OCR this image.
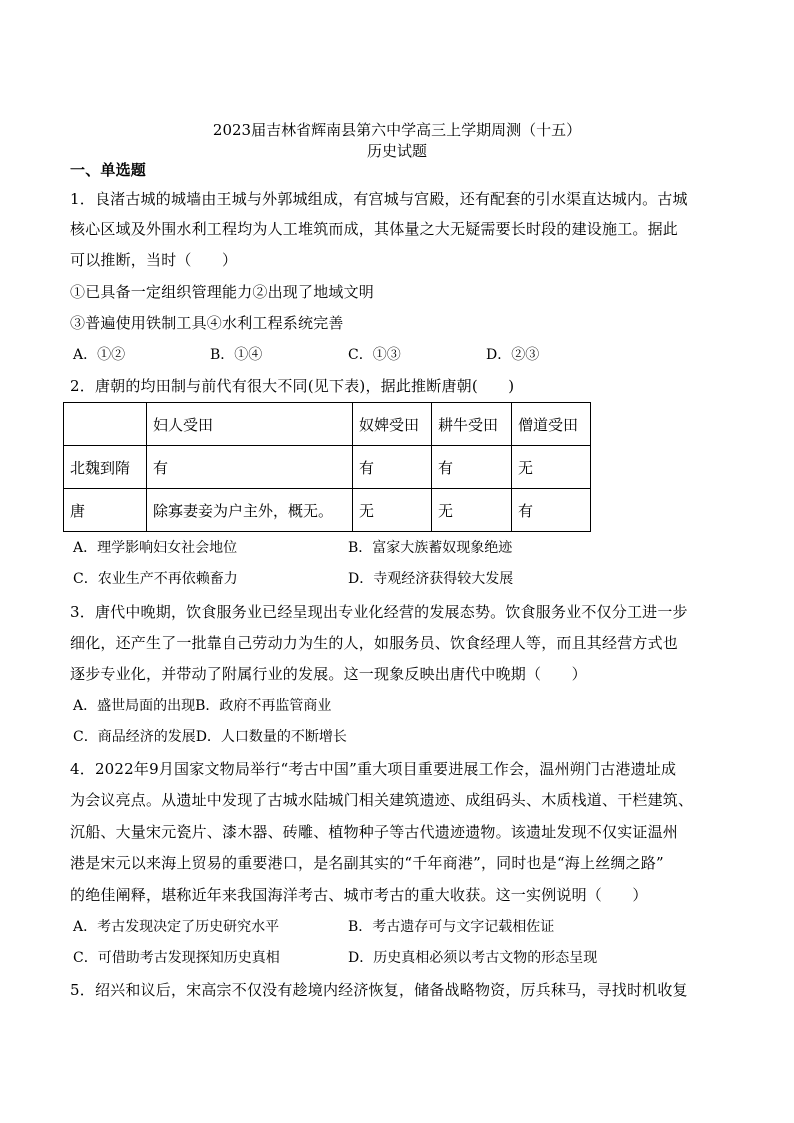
2023届吉林省辉南县第六中学高三上学期周测（十五）
历史试题
一、单选题
1．良渚古城的城墙由王城与外郭城组成，有宫城与宫殿，还有配套的引水渠直达城内。古城
核心区域及外围水利工程均为人工堆筑而成，其体量之大无疑需要长时段的建设施工。据此
可以推断，当时（　　）
①已具备一定组织管理能力②出现了地域文明
③普遍使用铁制工具④水利工程系统完善
A．①②	B．①④	C．①③	D．②③
2．唐朝的均田制与前代有很大不同(见下表)，据此推断唐朝(　　)
	妇人受田	奴婢受田	耕牛受田	僧道受田
北魏到隋	有	有	有	无
唐	除寡妻妾为户主外，概无。	无	无	有
A．理学影响妇女社会地位	B．富家大族蓄奴现象绝迹
C．农业生产不再依赖畜力	D．寺观经济获得较大发展
3．唐代中晚期，饮食服务业已经呈现出专业化经营的发展态势。饮食服务业不仅分工进一步
细化，还产生了一批靠自己劳动力为生的人，如服务员、饮食经理人等，而且其经营方式也
逐步专业化，并带动了附属行业的发展。这一现象反映出唐代中晚期（　　）
A．盛世局面的出现B．政府不再监管商业
C．商品经济的发展D．人口数量的不断增长
4．2022年9月国家文物局举行“考古中国”重大项目重要进展工作会，温州朔门古港遗址成
为会议亮点。从遗址中发现了古城水陆城门相关建筑遗迹、成组码头、木质栈道、干栏建筑、
沉船、大量宋元瓷片、漆木器、砖雕、植物种子等古代遗迹遗物。该遗址发现不仅实证温州
港是宋元以来海上贸易的重要港口，是名副其实的“千年商港”，同时也是“海上丝绸之路”
的绝佳阐释，堪称近年来我国海洋考古、城市考古的重大收获。这一实例说明（　　）
A．考古发现决定了历史研究水平	B．考古遗存可与文字记载相佐证
C．可借助考古发现探知历史真相	D．历史真相必须以考古文物的形态呈现
5．绍兴和议后，宋高宗不仅没有趁境内经济恢复，储备战略物资，厉兵秣马，寻找时机收复
